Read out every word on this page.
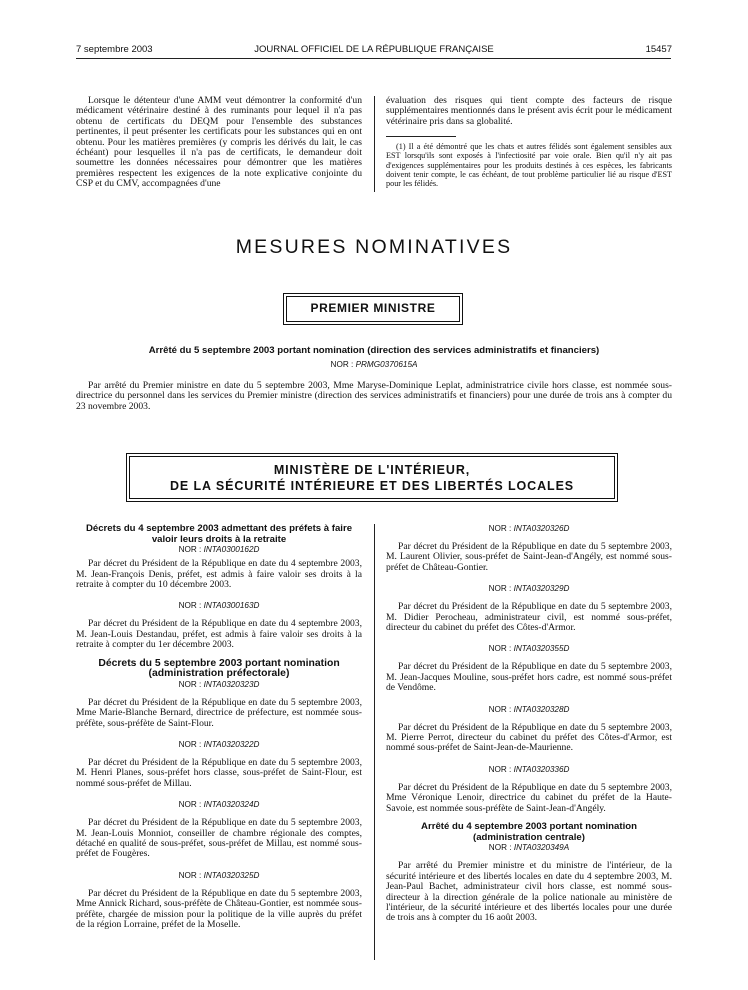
7 septembre 2003	JOURNAL OFFICIEL DE LA RÉPUBLIQUE FRANÇAISE	15457

Lorsque le détenteur d'une AMM veut démontrer la conformité d'un médicament vétérinaire destiné à des ruminants pour lequel il n'a pas obtenu de certificats du DEQM pour l'ensemble des substances pertinentes, il peut présenter les certificats pour les substances qui en ont obtenu. Pour les matières premières (y compris les dérivés du lait, le cas échéant) pour lesquelles il n'a pas de certificats, le demandeur doit soumettre les données nécessaires pour démontrer que les matières premières respectent les exigences de la note explicative conjointe du CSP et du CMV, accompagnées d'une

évaluation des risques qui tient compte des facteurs de risque supplémentaires mentionnés dans le présent avis écrit pour le médicament vétérinaire pris dans sa globalité.

(1) Il a été démontré que les chats et autres félidés sont également sensibles aux EST lorsqu'ils sont exposés à l'infectiosité par voie orale. Bien qu'il n'y ait pas d'exigences supplémentaires pour les produits destinés à ces espèces, les fabricants doivent tenir compte, le cas échéant, de tout problème particulier lié au risque d'EST pour les félidés.

MESURES NOMINATIVES
PREMIER MINISTRE
Arrêté du 5 septembre 2003 portant nomination (direction des services administratifs et financiers)
NOR : PRMG0370615A

Par arrêté du Premier ministre en date du 5 septembre 2003, Mme Maryse-Dominique Leplat, administratrice civile hors classe, est nommée sous-directrice du personnel dans les services du Premier ministre (direction des services administratifs et financiers) pour une durée de trois ans à compter du 23 novembre 2003.

MINISTÈRE DE L'INTÉRIEUR,
DE LA SÉCURITÉ INTÉRIEURE ET DES LIBERTÉS LOCALES
Décrets du 4 septembre 2003 admettant des préfets à faire valoir leurs droits à la retraite
NOR : INTA0300162D

Par décret du Président de la République en date du 4 septembre 2003, M. Jean-François Denis, préfet, est admis à faire valoir ses droits à la retraite à compter du 10 décembre 2003.

NOR : INTA0300163D

Par décret du Président de la République en date du 4 septembre 2003, M. Jean-Louis Destandau, préfet, est admis à faire valoir ses droits à la retraite à compter du 1er décembre 2003.

Décrets du 5 septembre 2003 portant nomination (administration préfectorale)
NOR : INTA0320323D

Par décret du Président de la République en date du 5 septembre 2003, Mme Marie-Blanche Bernard, directrice de préfecture, est nommée sous-préfète, sous-préfète de Saint-Flour.

NOR : INTA0320322D

Par décret du Président de la République en date du 5 septembre 2003, M. Henri Planes, sous-préfet hors classe, sous-préfet de Saint-Flour, est nommé sous-préfet de Millau.

NOR : INTA0320324D

Par décret du Président de la République en date du 5 septembre 2003, M. Jean-Louis Monniot, conseiller de chambre régionale des comptes, détaché en qualité de sous-préfet, sous-préfet de Millau, est nommé sous-préfet de Fougères.

NOR : INTA0320325D

Par décret du Président de la République en date du 5 septembre 2003, Mme Annick Richard, sous-préfète de Château-Gontier, est nommée sous-préfète, chargée de mission pour la politique de la ville auprès du préfet de la région Lorraine, préfet de la Moselle.

NOR : INTA0320326D

Par décret du Président de la République en date du 5 septembre 2003, M. Laurent Olivier, sous-préfet de Saint-Jean-d'Angély, est nommé sous-préfet de Château-Gontier.

NOR : INTA0320329D

Par décret du Président de la République en date du 5 septembre 2003, M. Didier Perocheau, administrateur civil, est nommé sous-préfet, directeur du cabinet du préfet des Côtes-d'Armor.

NOR : INTA0320355D

Par décret du Président de la République en date du 5 septembre 2003, M. Jean-Jacques Mouline, sous-préfet hors cadre, est nommé sous-préfet de Vendôme.

NOR : INTA0320328D

Par décret du Président de la République en date du 5 septembre 2003, M. Pierre Perrot, directeur du cabinet du préfet des Côtes-d'Armor, est nommé sous-préfet de Saint-Jean-de-Maurienne.

NOR : INTA0320336D

Par décret du Président de la République en date du 5 septembre 2003, Mme Véronique Lenoir, directrice du cabinet du préfet de la Haute-Savoie, est nommée sous-préfète de Saint-Jean-d'Angély.

Arrêté du 4 septembre 2003 portant nomination (administration centrale)
NOR : INTA0320349A

Par arrêté du Premier ministre et du ministre de l'intérieur, de la sécurité intérieure et des libertés locales en date du 4 septembre 2003, M. Jean-Paul Bachet, administrateur civil hors classe, est nommé sous-directeur à la direction générale de la police nationale au ministère de l'intérieur, de la sécurité intérieure et des libertés locales pour une durée de trois ans à compter du 16 août 2003.
